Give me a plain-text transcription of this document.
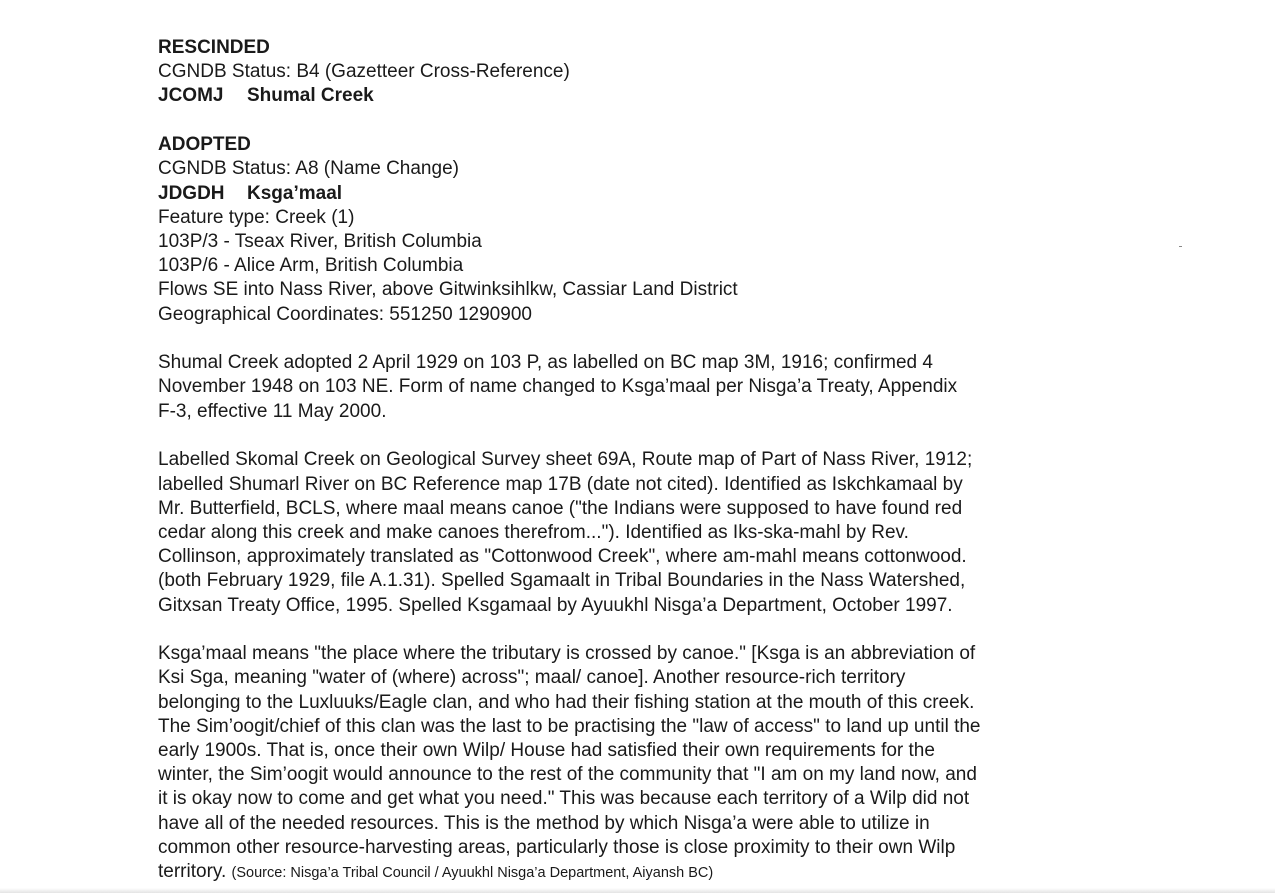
RESCINDED
CGNDB Status: B4 (Gazetteer Cross-Reference)
JCOMJ Shumal Creek
ADOPTED
CGNDB Status: A8 (Name Change)
JDGDH Ksga’maal
Feature type: Creek (1)
103P/3 - Tseax River, British Columbia
103P/6 - Alice Arm, British Columbia
Flows SE into Nass River, above Gitwinksihlkw, Cassiar Land District
Geographical Coordinates: 551250 1290900

Shumal Creek adopted 2 April 1929 on 103 P, as labelled on BC map 3M, 1916; confirmed 4
November 1948 on 103 NE. Form of name changed to Ksga’maal per Nisga’a Treaty, Appendix
F-3, effective 11 May 2000.

Labelled Skomal Creek on Geological Survey sheet 69A, Route map of Part of Nass River, 1912;
labelled Shumarl River on BC Reference map 17B (date not cited). Identified as Iskchkamaal by
Mr. Butterfield, BCLS, where maal means canoe ("the Indians were supposed to have found red
cedar along this creek and make canoes therefrom..."). Identified as Iks-ska-mahl by Rev.
Collinson, approximately translated as "Cottonwood Creek", where am-mahl means cottonwood.
(both February 1929, file A.1.31). Spelled Sgamaalt in Tribal Boundaries in the Nass Watershed,
Gitxsan Treaty Office, 1995. Spelled Ksgamaal by Ayuukhl Nisga’a Department, October 1997.

Ksga’maal means "the place where the tributary is crossed by canoe." [Ksga is an abbreviation of
Ksi Sga, meaning "water of (where) across"; maal/ canoe]. Another resource-rich territory
belonging to the Luxluuks/Eagle clan, and who had their fishing station at the mouth of this creek.
The Sim’oogit/chief of this clan was the last to be practising the "law of access" to land up until the
early 1900s. That is, once their own Wilp/ House had satisfied their own requirements for the
winter, the Sim’oogit would announce to the rest of the community that "I am on my land now, and
it is okay now to come and get what you need." This was because each territory of a Wilp did not
have all of the needed resources. This is the method by which Nisga’a were able to utilize in
common other resource-harvesting areas, particularly those is close proximity to their own Wilp
territory. (Source: Nisga’a Tribal Council / Ayuukhl Nisga’a Department, Aiyansh BC)
